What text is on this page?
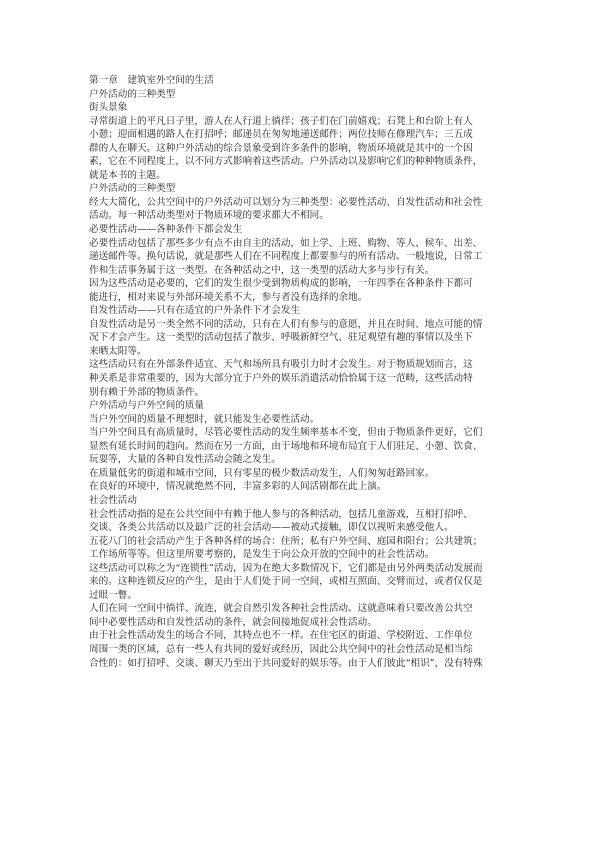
第一章　建筑室外空间的生活

户外活动的三种类型

街头景象

寻常街道上的平凡日子里，游人在人行道上徜徉；孩子们在门前嬉戏；石凳上和台阶上有人

小憩；迎面相遇的路人在打招呼；邮递员在匆匆地递送邮件；两位技师在修理汽车；三五成

群的人在聊天。这种户外活动的综合景象受到许多条件的影响，物质环境就是其中的一个因

素，它在不同程度上，以不同方式影响着这些活动。户外活动以及影响它们的种种物质条件，

就是本书的主题。

户外活动的三种类型

经大大简化，公共空间中的户外活动可以划分为三种类型：必要性活动、自发性活动和社会性

活动。每一种活动类型对于物质环境的要求都大不相同。

必要性活动——各种条件下都会发生

必要性活动包括了那些多少有点不由自主的活动，如上学、上班、购物、等人、候车、出差、

递送邮件等。换句话说，就是那些人们在不同程度上都要参与的所有活动。一般地说，日常工

作和生活事务属于这一类型。在各种活动之中，这一类型的活动大多与步行有关。

因为这些活动是必要的，它们的发生很少受到物质构成的影响，一年四季在各种条件下都可

能进行，相对来说与外部环境关系不大，参与者没有选择的余地。

自发性活动——只有在适宜的户外条件下才会发生

自发性活动是另一类全然不同的活动，只有在人们有参与的意愿，并且在时间、地点可能的情

况下才会产生。这一类型的活动包括了散步、呼吸新鲜空气、驻足观望有趣的事情以及坐下

来晒太阳等。

这些活动只有在外部条件适宜、天气和场所具有吸引力时才会发生。对于物质规划而言，这

种关系是非常重要的，因为大部分宜于户外的娱乐消遣活动恰恰属于这一范畴，这些活动特

别有赖于外部的物质条件。

户外活动与户外空间的质量

当户外空间的质量不理想时，就只能发生必要性活动。

当户外空间具有高质量时，尽管必要性活动的发生频率基本不变，但由于物质条件更好，它们

显然有延长时间的趋向。然而在另一方面，由于场地和环境布局宜于人们驻足、小憩、饮食、

玩耍等，大量的各种自发性活动会随之发生。

在质量低劣的街道和城市空间，只有零星的极少数活动发生，人们匆匆赶路回家。

在良好的环境中，情况就绝然不同，丰富多彩的人间活剧都在此上演。

社会性活动

社会性活动指的是在公共空间中有赖于他人参与的各种活动，包括儿童游戏，互相打招呼、

交谈、各类公共活动以及最广泛的社会活动——被动式接触，即仅以视听来感受他人。

五花八门的社会活动产生于各种各样的场合：住所；私有户外空间、庭园和阳台；公共建筑；

工作场所等等。但这里所要考察的，是发生于向公众开放的空间中的社会性活动。

这些活动可以称之为“连锁性”活动，因为在绝大多数情况下，它们都是由另外两类活动发展而

来的。这种连锁反应的产生，是由于人们处于同一空间，或相互照面、交臂而过，或者仅仅是

过眼一瞥。

人们在同一空间中徜徉、流连，就会自然引发各种社会性活动。这就意味着只要改善公共空

间中必要性活动和自发性活动的条件，就会间接地促成社会性活动。

由于社会性活动发生的场合不同，其特点也不一样。在住宅区的街道、学校附近、工作单位

周围一类的区域，总有一些人有共同的爱好或经历，因此公共空间中的社会性活动是相当综

合性的：如打招呼、交谈、聊天乃至出于共同爱好的娱乐等。由于人们彼此“相识”，没有特殊
